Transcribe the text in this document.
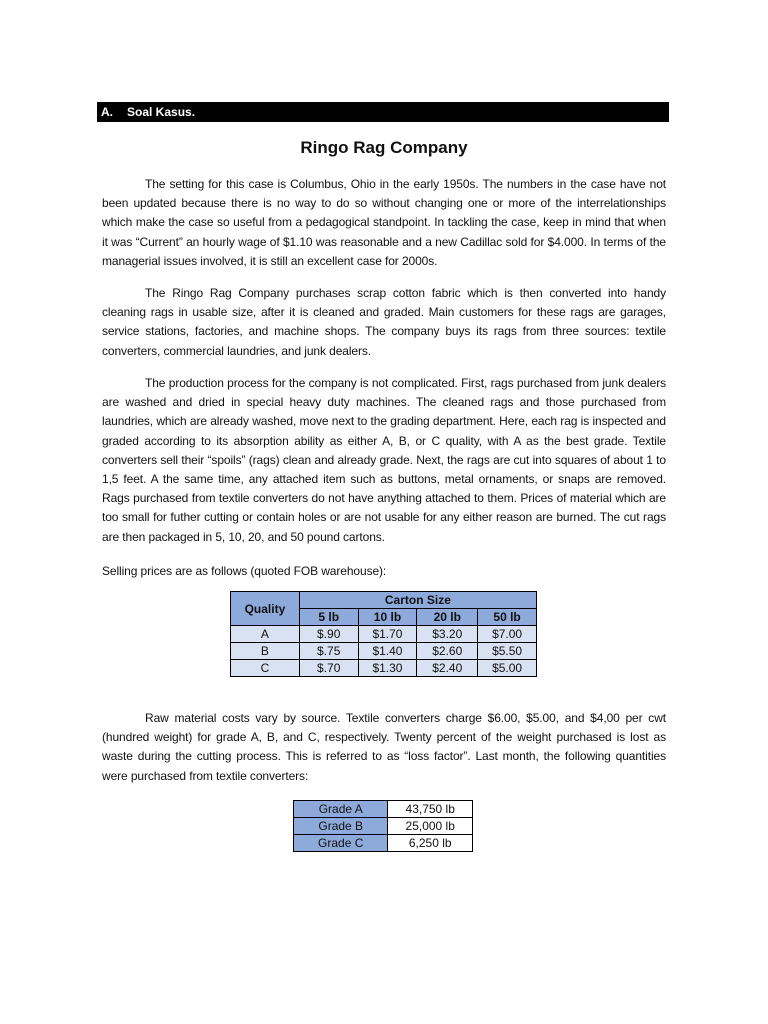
A. Soal Kasus.
Ringo Rag Company

The setting for this case is Columbus, Ohio in the early 1950s. The numbers in the case have not been updated because there is no way to do so without changing one or more of the interrelationships which make the case so useful from a pedagogical standpoint. In tackling the case, keep in mind that when it was “Current” an hourly wage of $1.10 was reasonable and a new Cadillac sold for $4.000. In terms of the managerial issues involved, it is still an excellent case for 2000s.

The Ringo Rag Company purchases scrap cotton fabric which is then converted into handy cleaning rags in usable size, after it is cleaned and graded. Main customers for these rags are garages, service stations, factories, and machine shops. The company buys its rags from three sources: textile converters, commercial laundries, and junk dealers.

The production process for the company is not complicated. First, rags purchased from junk dealers are washed and dried in special heavy duty machines. The cleaned rags and those purchased from laundries, which are already washed, move next to the grading department. Here, each rag is inspected and graded according to its absorption ability as either A, B, or C quality, with A as the best grade. Textile converters sell their “spoils” (rags) clean and already grade. Next, the rags are cut into squares of about 1 to 1,5 feet. A the same time, any attached item such as buttons, metal ornaments, or snaps are removed. Rags purchased from textile converters do not have anything attached to them. Prices of material which are too small for futher cutting or contain holes or are not usable for any either reason are burned. The cut rags are then packaged in 5, 10, 20, and 50 pound cartons.

Selling prices are as follows (quoted FOB warehouse):

Quality	Carton Size			
	5 lb	10 lb	20 lb	50 lb
A	$.90	$1.70	$3.20	$7.00
B	$.75	$1.40	$2.60	$5.50
C	$.70	$1.30	$2.40	$5.00

Raw material costs vary by source. Textile converters charge $6.00, $5.00, and $4,00 per cwt (hundred weight) for grade A, B, and C, respectively. Twenty percent of the weight purchased is lost as waste during the cutting process. This is referred to as “loss factor”. Last month, the following quantities were purchased from textile converters:

Grade A	43,750 lb
Grade B	25,000 lb
Grade C	6,250 lb
